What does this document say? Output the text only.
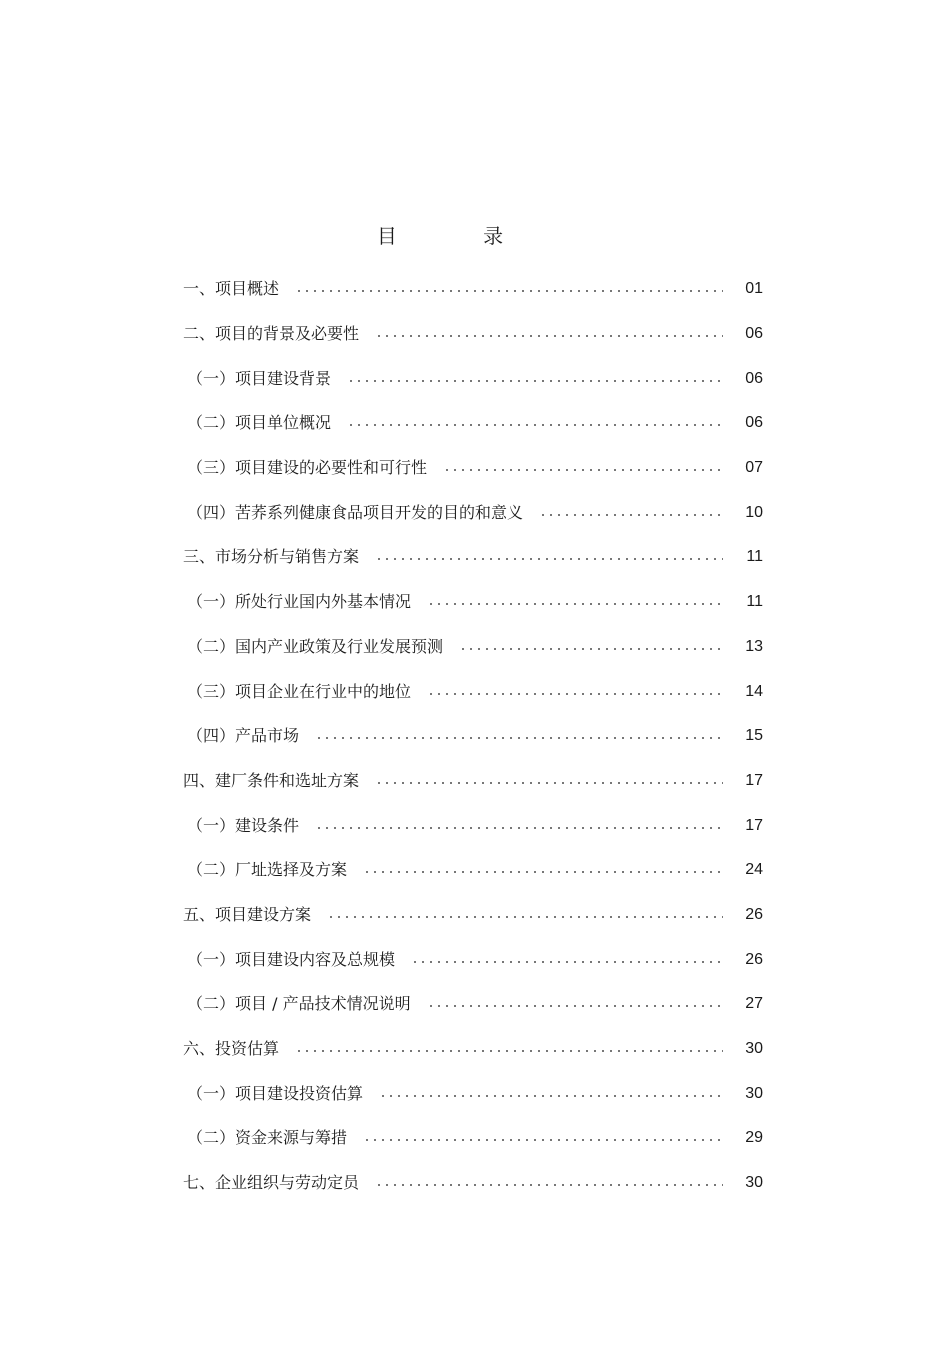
目 录
一、项目概述	01
二、项目的背景及必要性	06
（一）项目建设背景	06
（二）项目单位概况	06
（三）项目建设的必要性和可行性	07
（四）苦荞系列健康食品项目开发的目的和意义	10
三、市场分析与销售方案	11
（一）所处行业国内外基本情况	11
（二）国内产业政策及行业发展预测	13
（三）项目企业在行业中的地位	14
（四）产品市场	15
四、建厂条件和选址方案	17
（一）建设条件	17
（二）厂址选择及方案	24
五、项目建设方案	26
（一）项目建设内容及总规模	26
（二）项目 / 产品技术情况说明	27
六、投资估算	30
（一）项目建设投资估算	30
（二）资金来源与筹措	29
七、企业组织与劳动定员	30
